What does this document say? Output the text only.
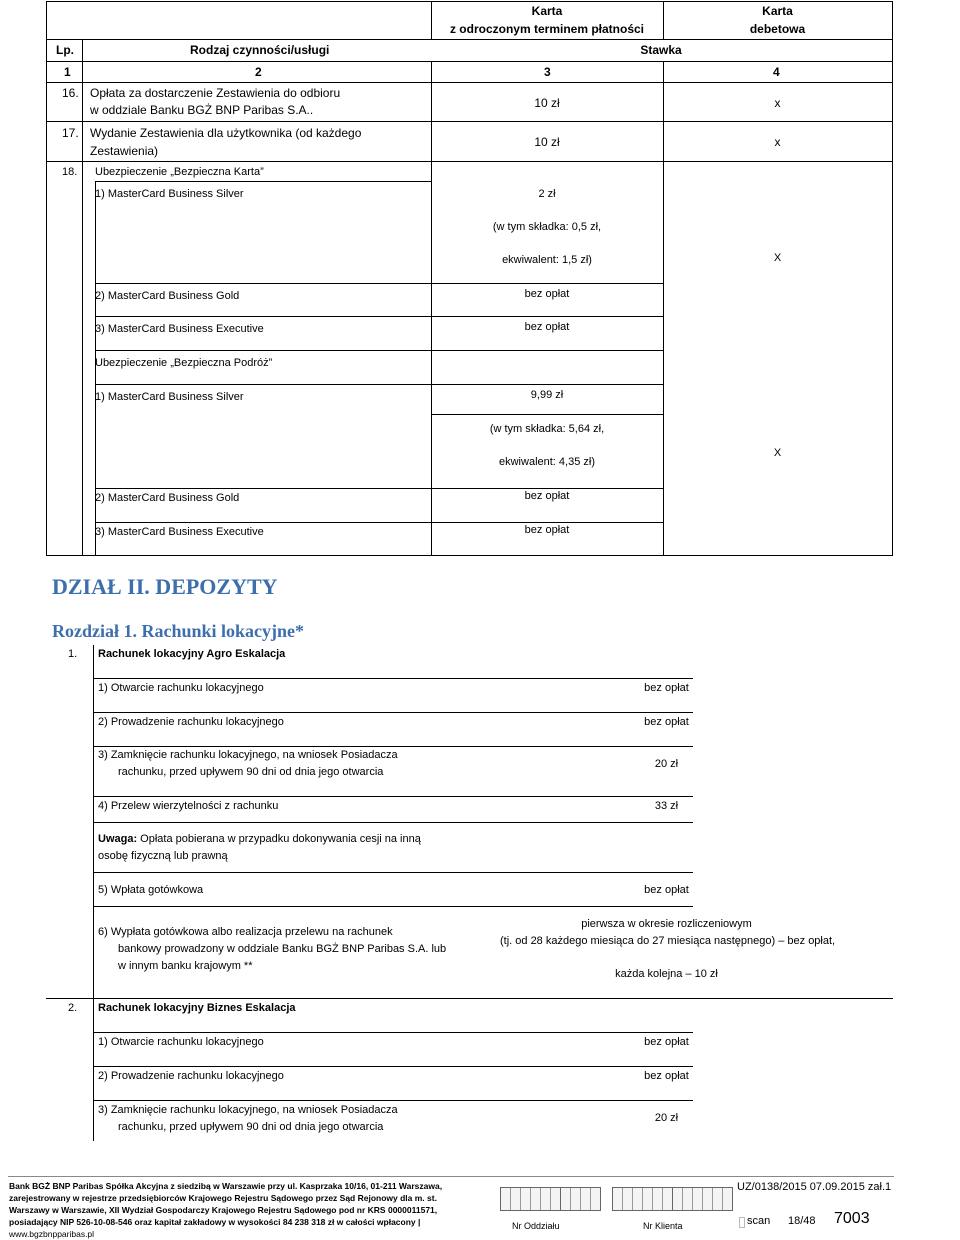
Karta
z odroczonym terminem płatności
Karta
debetowa
Lp.	Rodzaj czynności/usługi	Stawka
1	2	3	4
16. Opłata za dostarczenie Zestawienia do odbioru
w oddziale Banku BGŻ BNP Paribas S.A..	10 zł	x
17. Wydanie Zestawienia dla użytkownika (od każdego
Zestawienia)
10 zł	x
18. Ubezpieczenie „Bezpieczna Karta”
1) MasterCard Business Silver	2 zł
(w tym składka: 0,5 zł,
ekwiwalent: 1,5 zł)	X
2) MasterCard Business Gold	bez opłat
3) MasterCard Business Executive	bez opłat
Ubezpieczenie „Bezpieczna Podróż”
1) MasterCard Business Silver	9,99 zł
(w tym składka: 5,64 zł,
ekwiwalent: 4,35 zł)
X
2) MasterCard Business Gold	bez opłat
3) MasterCard Business Executive	bez opłat
DZIAŁ II. DEPOZYTY
Rozdział 1. Rachunki lokacyjne*
1. Rachunek lokacyjny Agro Eskalacja
1) Otwarcie rachunku lokacyjnego	bez opłat
2) Prowadzenie rachunku lokacyjnego	bez opłat
3) Zamknięcie rachunku lokacyjnego, na wniosek Posiadacza
rachunku, przed upływem 90 dni od dnia jego otwarcia
20 zł
4) Przelew wierzytelności z rachunku	33 zł
Uwaga: Opłata pobierana w przypadku dokonywania cesji na inną
osobę fizyczną lub prawną
5) Wpłata gotówkowa	bez opłat
6) Wypłata gotówkowa albo realizacja przelewu na rachunek
bankowy prowadzony w oddziale Banku BGŻ BNP Paribas S.A. lub
w innym banku krajowym **
pierwsza w okresie rozliczeniowym
(tj. od 28 każdego miesiąca do 27 miesiąca następnego) – bez opłat,
każda kolejna – 10 zł
2. Rachunek lokacyjny Biznes Eskalacja
1) Otwarcie rachunku lokacyjnego	bez opłat
2) Prowadzenie rachunku lokacyjnego	bez opłat
3) Zamknięcie rachunku lokacyjnego, na wniosek Posiadacza
rachunku, przed upływem 90 dni od dnia jego otwarcia
20 zł
Bank BGŻ BNP Paribas Spółka Akcyjna z siedzibą w Warszawie przy ul. Kasprzaka 10/16, 01-211 Warszawa,
zarejestrowany w rejestrze przedsiębiorców Krajowego Rejestru Sądowego przez Sąd Rejonowy dla m. st.
Warszawy w Warszawie, XII Wydział Gospodarczy Krajowego Rejestru Sądowego pod nr KRS 0000011571,
posiadający NIP 526-10-08-546 oraz kapitał zakładowy w wysokości 84 238 318 zł w całości wpłacony |
www.bgzbnpparibas.pl
Nr Oddziału	Nr Klienta
UZ/0138/2015 07.09.2015 zał.1
scan 18/48 7003
